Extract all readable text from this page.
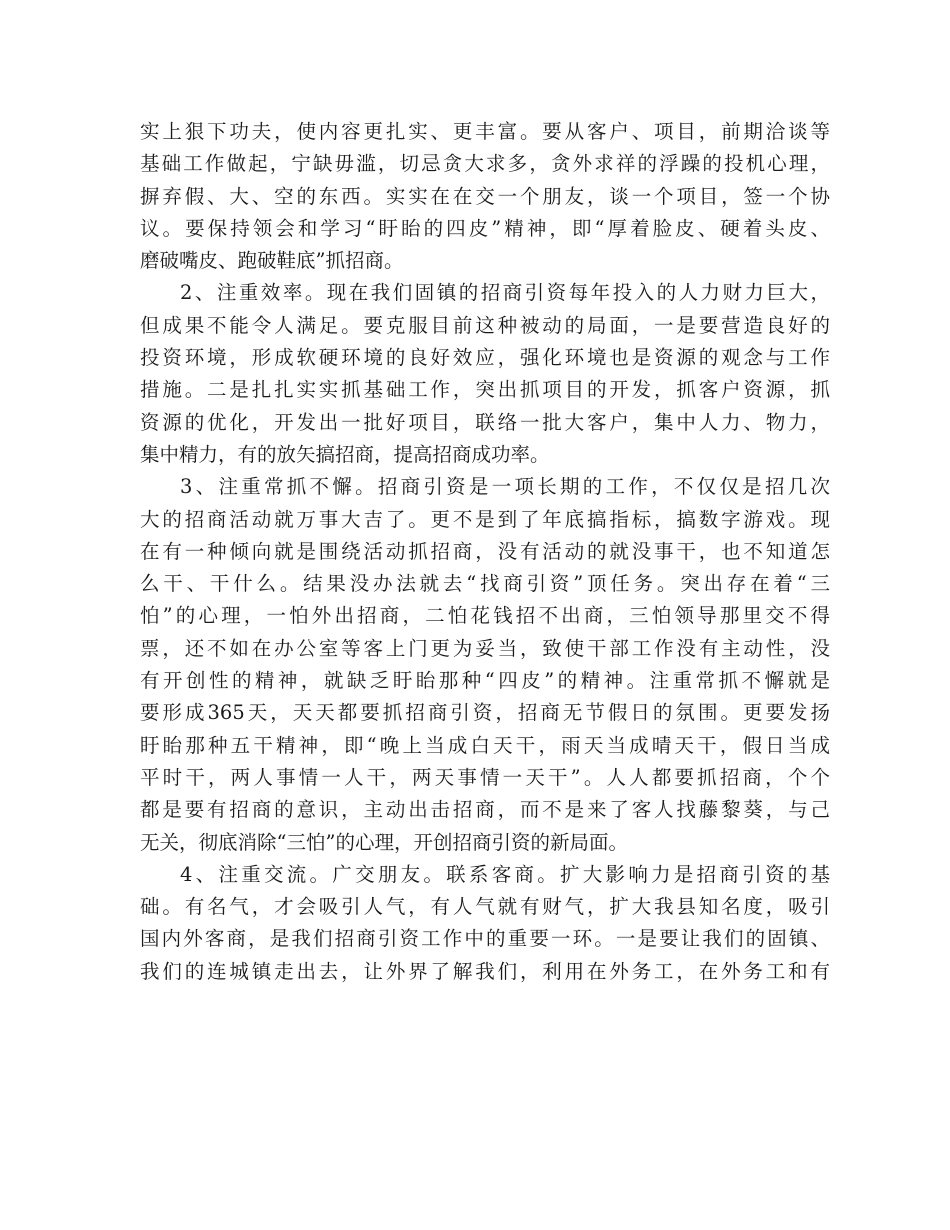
实上狠下功夫，使内容更扎实、更丰富。要从客户、项目，前期洽谈等
基础工作做起，宁缺毋滥，切忌贪大求多，贪外求祥的浮躁的投机心理，
摒弃假、大、空的东西。实实在在交一个朋友，谈一个项目，签一个协
议。要保持领会和学习“盱眙的四皮”精神，即“厚着脸皮、硬着头皮、
磨破嘴皮、跑破鞋底”抓招商。
2、注重效率。现在我们固镇的招商引资每年投入的人力财力巨大，
但成果不能令人满足。要克服目前这种被动的局面，一是要营造良好的
投资环境，形成软硬环境的良好效应，强化环境也是资源的观念与工作
措施。二是扎扎实实抓基础工作，突出抓项目的开发，抓客户资源，抓
资源的优化，开发出一批好项目，联络一批大客户，集中人力、物力，
集中精力，有的放矢搞招商，提高招商成功率。
3、注重常抓不懈。招商引资是一项长期的工作，不仅仅是招几次
大的招商活动就万事大吉了。更不是到了年底搞指标，搞数字游戏。现
在有一种倾向就是围绕活动抓招商，没有活动的就没事干，也不知道怎
么干、干什么。结果没办法就去“找商引资”顶任务。突出存在着“三
怕”的心理，一怕外出招商，二怕花钱招不出商，三怕领导那里交不得
票，还不如在办公室等客上门更为妥当，致使干部工作没有主动性，没
有开创性的精神，就缺乏盱眙那种“四皮”的精神。注重常抓不懈就是
要形成365天，天天都要抓招商引资，招商无节假日的氛围。更要发扬
盱眙那种五干精神，即“晚上当成白天干，雨天当成晴天干，假日当成
平时干，两人事情一人干，两天事情一天干”。人人都要抓招商，个个
都是要有招商的意识，主动出击招商，而不是来了客人找藤黎葵，与己
无关，彻底消除“三怕”的心理，开创招商引资的新局面。
4、注重交流。广交朋友。联系客商。扩大影响力是招商引资的基
础。有名气，才会吸引人气，有人气就有财气，扩大我县知名度，吸引
国内外客商，是我们招商引资工作中的重要一环。一是要让我们的固镇、
我们的连城镇走出去，让外界了解我们，利用在外务工，在外务工和有
